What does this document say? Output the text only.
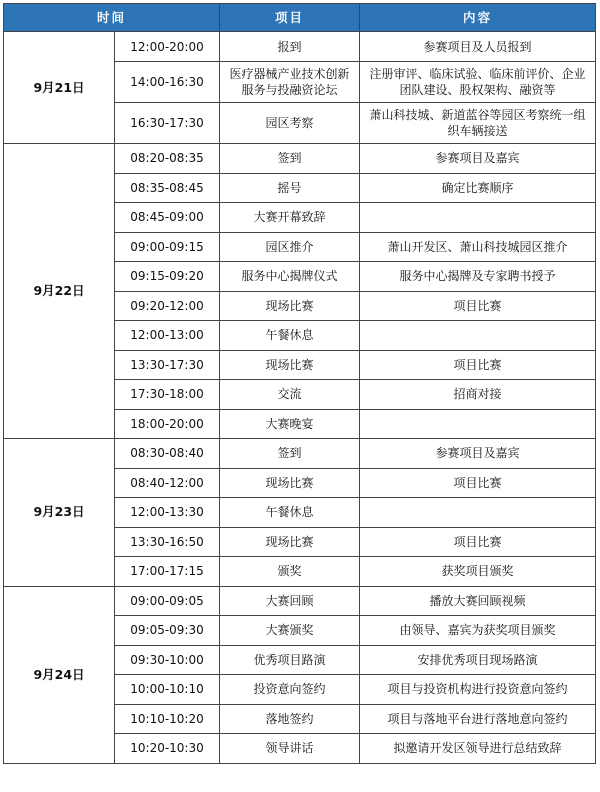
时间		项目	内容
9月21日	12:00-20:00	报到	参赛项目及人员报到
	14:00-16:30	医疗器械产业技术创新服务与投融资论坛	注册审评、临床试验、临床前评价、企业团队建设、股权架构、融资等
	16:30-17:30	园区考察	萧山科技城、新道蓝谷等园区考察统一组织车辆接送
9月22日	08:20-08:35	签到	参赛项目及嘉宾
	08:35-08:45	摇号	确定比赛顺序
	08:45-09:00	大赛开幕致辞	
	09:00-09:15	园区推介	萧山开发区、萧山科技城园区推介
	09:15-09:20	服务中心揭牌仪式	服务中心揭牌及专家聘书授予
	09:20-12:00	现场比赛	项目比赛
	12:00-13:00	午餐休息	
	13:30-17:30	现场比赛	项目比赛
	17:30-18:00	交流	招商对接
	18:00-20:00	大赛晚宴	
9月23日	08:30-08:40	签到	参赛项目及嘉宾
	08:40-12:00	现场比赛	项目比赛
	12:00-13:30	午餐休息	
	13:30-16:50	现场比赛	项目比赛
	17:00-17:15	颁奖	获奖项目颁奖
9月24日	09:00-09:05	大赛回顾	播放大赛回顾视频
	09:05-09:30	大赛颁奖	由领导、嘉宾为获奖项目颁奖
	09:30-10:00	优秀项目路演	安排优秀项目现场路演
	10:00-10:10	投资意向签约	项目与投资机构进行投资意向签约
	10:10-10:20	落地签约	项目与落地平台进行落地意向签约
	10:20-10:30	领导讲话	拟邀请开发区领导进行总结致辞
